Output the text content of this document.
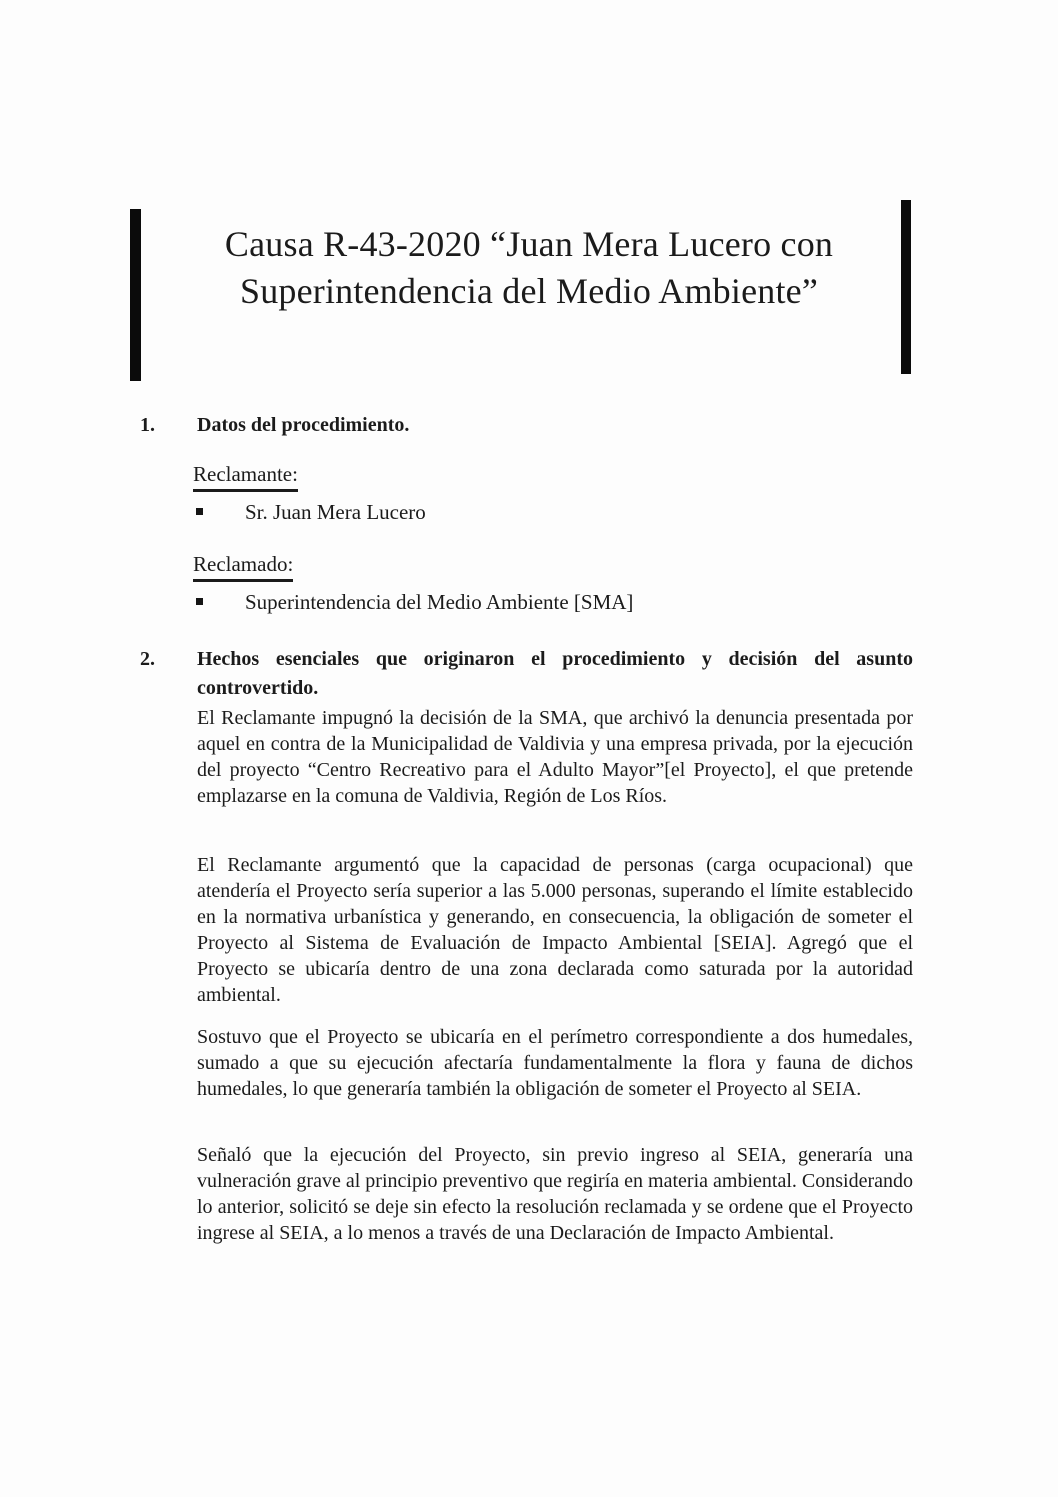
Causa R-43-2020 “Juan Mera Lucero con Superintendencia del Medio Ambiente”
1. Datos del procedimiento.
Reclamante:
Sr. Juan Mera Lucero
Reclamado:
Superintendencia del Medio Ambiente [SMA]
2. Hechos esenciales que originaron el procedimiento y decisión del asunto controvertido.

El Reclamante impugnó la decisión de la SMA, que archivó la denuncia presentada por aquel en contra de la Municipalidad de Valdivia y una empresa privada, por la ejecución del proyecto “Centro Recreativo para el Adulto Mayor”[el Proyecto], el que pretende emplazarse en la comuna de Valdivia, Región de Los Ríos.

El Reclamante argumentó que la capacidad de personas (carga ocupacional) que atendería el Proyecto sería superior a las 5.000 personas, superando el límite establecido en la normativa urbanística y generando, en consecuencia, la obligación de someter el Proyecto al Sistema de Evaluación de Impacto Ambiental [SEIA]. Agregó que el Proyecto se ubicaría dentro de una zona declarada como saturada por la autoridad ambiental.

Sostuvo que el Proyecto se ubicaría en el perímetro correspondiente a dos humedales, sumado a que su ejecución afectaría fundamentalmente la flora y fauna de dichos humedales, lo que generaría también la obligación de someter el Proyecto al SEIA.

Señaló que la ejecución del Proyecto, sin previo ingreso al SEIA, generaría una vulneración grave al principio preventivo que regiría en materia ambiental. Considerando lo anterior, solicitó se deje sin efecto la resolución reclamada y se ordene que el Proyecto ingrese al SEIA, a lo menos a través de una Declaración de Impacto Ambiental.
